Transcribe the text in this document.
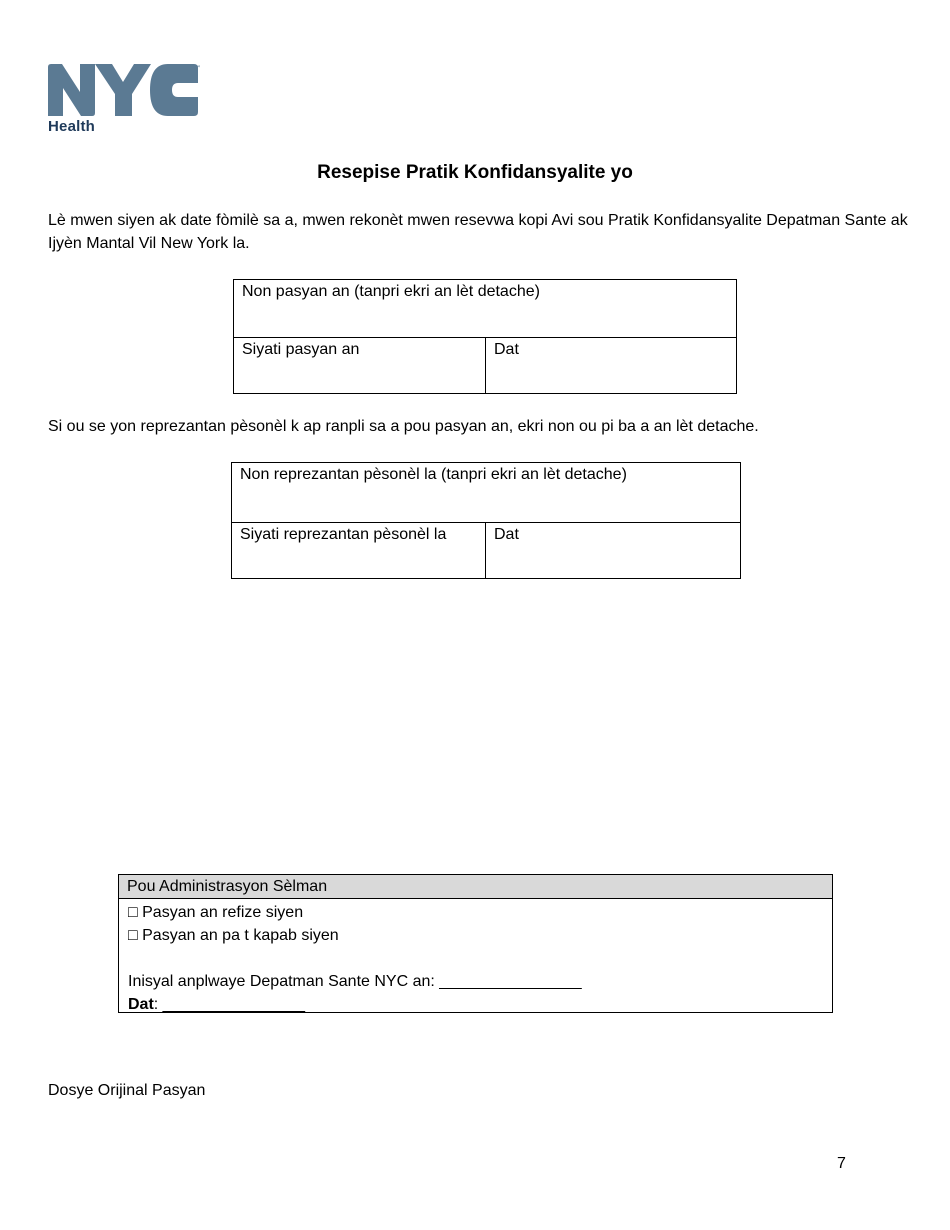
™
Health
Resepise Pratik Konfidansyalite yo
Lè mwen siyen ak date fòmilè sa a, mwen rekonèt mwen resevwa kopi Avi sou Pratik Konfidansyalite Depatman Sante ak Ijyèn Mantal Vil New York la.
Non pasyan an (tanpri ekri an lèt detache)
Siyati pasyan an	Dat
Si ou se yon reprezantan pèsonèl k ap ranpli sa a pou pasyan an, ekri non ou pi ba a an lèt detache.
Non reprezantan pèsonèl la (tanpri ekri an lèt detache)
Siyati reprezantan pèsonèl la	Dat
Pou Administrasyon Sèlman
□ Pasyan an refize siyen
□ Pasyan an pa t kapab siyen
Inisyal anplwaye Depatman Sante NYC an: ________________
Dat: ________________
Dosye Orijinal Pasyan
7
